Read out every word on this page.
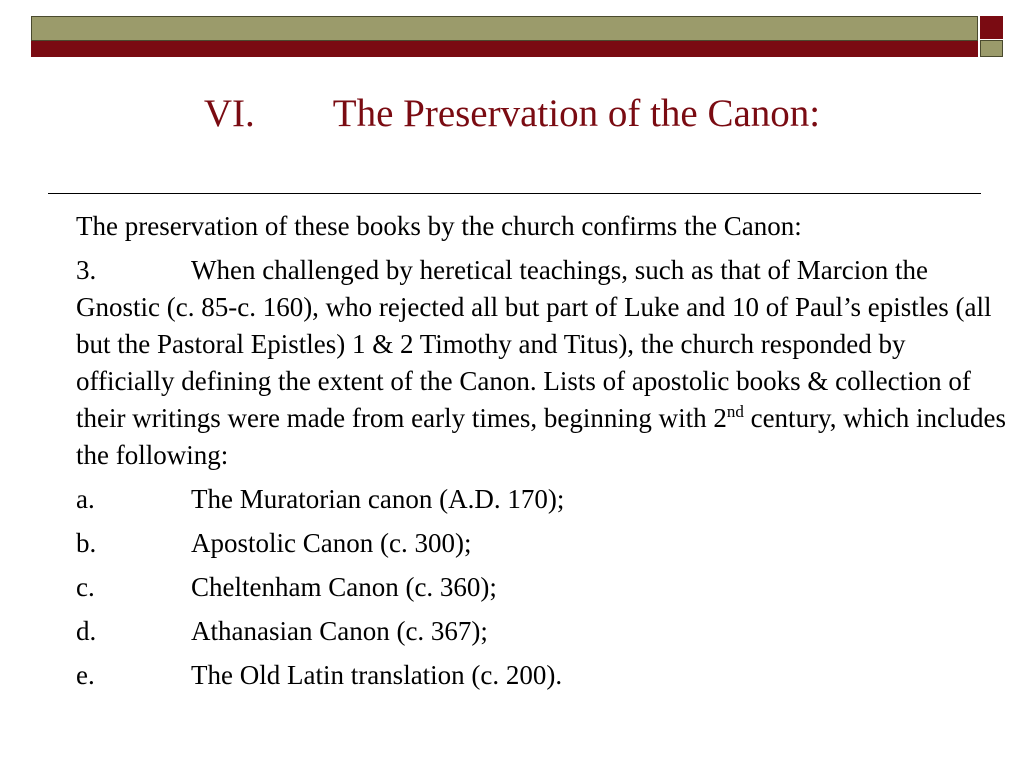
VI.  The Preservation of the Canon:

The preservation of these books by the church confirms the Canon:

3.	When challenged by heretical teachings, such as that of Marcion the Gnostic (c. 85-c. 160), who rejected all but part of Luke and 10 of Paul’s epistles (all but the Pastoral Epistles) 1 & 2 Timothy and Titus), the church responded by officially defining the extent of the Canon. Lists of apostolic books & collection of their writings were made from early times, beginning with 2nd century, which includes the following:

a.	The Muratorian canon (A.D. 170);

b.	Apostolic Canon (c. 300);

c.	Cheltenham Canon (c. 360);

d.	Athanasian Canon (c. 367);

e.	The Old Latin translation (c. 200).
